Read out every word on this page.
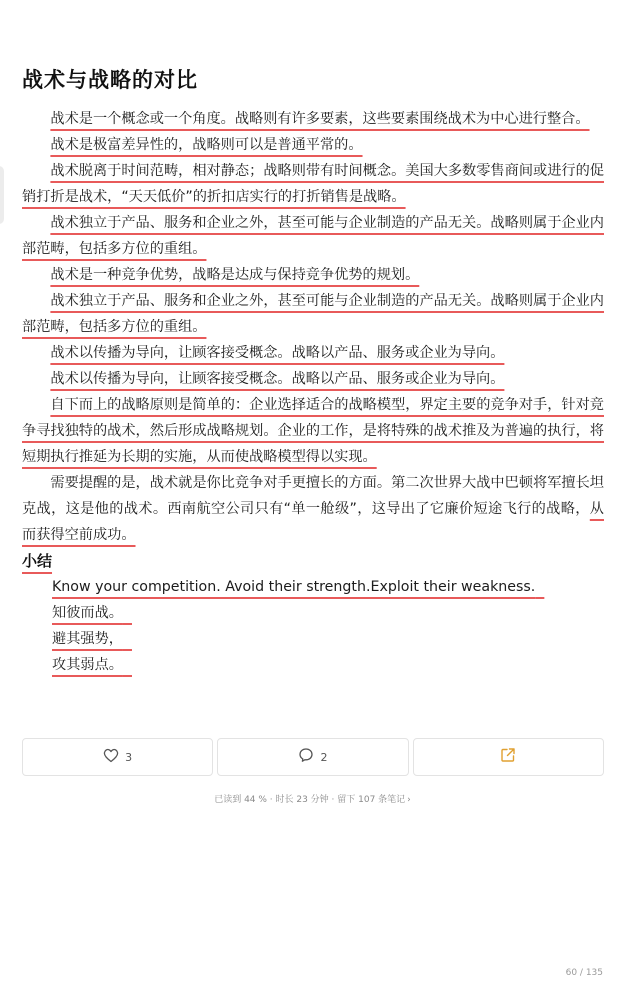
战术与战略的对比

战术是一个概念或一个角度。战略则有许多要素，这些要素围绕战术为中心进行整合。

战术是极富差异性的，战略则可以是普通平常的。

战术脱离于时间范畴，相对静态；战略则带有时间概念。美国大多数零售商间或进行的促销打折是战术，“天天低价”的折扣店实行的打折销售是战略。

战术独立于产品、服务和企业之外，甚至可能与企业制造的产品无关。战略则属于企业内部范畴，包括多方位的重组。

战术是一种竞争优势，战略是达成与保持竞争优势的规划。

战术独立于产品、服务和企业之外，甚至可能与企业制造的产品无关。战略则属于企业内部范畴，包括多方位的重组。

战术以传播为导向，让顾客接受概念。战略以产品、服务或企业为导向。

战术以传播为导向，让顾客接受概念。战略以产品、服务或企业为导向。

自下而上的战略原则是简单的：企业选择适合的战略模型，界定主要的竞争对手，针对竞争寻找独特的战术，然后形成战略规划。企业的工作，是将特殊的战术推及为普遍的执行，将短期执行推延为长期的实施，从而使战略模型得以实现。

需要提醒的是，战术就是你比竞争对手更擅长的方面。第二次世界大战中巴顿将军擅长坦克战，这是他的战术。西南航空公司只有“单一舱级”，这导出了它廉价短途飞行的战略，从而获得空前成功。

小结

Know your competition. Avoid their strength.Exploit their weakness.

知彼而战。

避其强势，

攻其弱点。

3	2
已读到 44 % · 时长 23 分钟 · 留下 107 条笔记 ›
60 / 135
